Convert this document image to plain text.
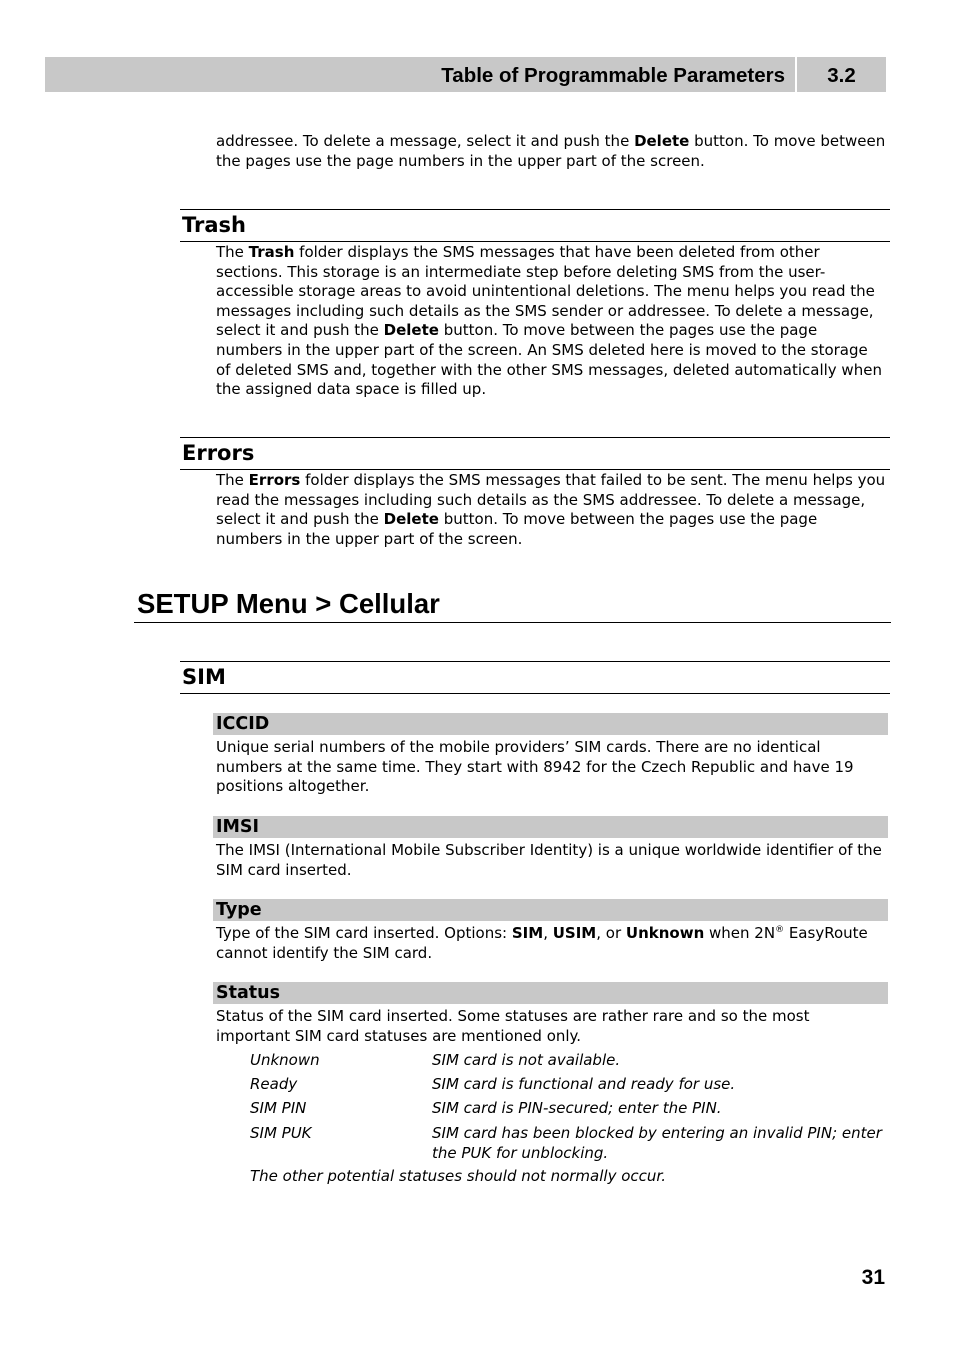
Table of Programmable Parameters	3.2

addressee. To delete a message, select it and push the Delete button. To move between the pages use the page numbers in the upper part of the screen.

Trash

The Trash folder displays the SMS messages that have been deleted from other sections. This storage is an intermediate step before deleting SMS from the user-accessible storage areas to avoid unintentional deletions. The menu helps you read the messages including such details as the SMS sender or addressee. To delete a message, select it and push the Delete button. To move between the pages use the page numbers in the upper part of the screen. An SMS deleted here is moved to the storage of deleted SMS and, together with the other SMS messages, deleted automatically when the assigned data space is filled up.

Errors

The Errors folder displays the SMS messages that failed to be sent. The menu helps you read the messages including such details as the SMS addressee. To delete a message, select it and push the Delete button. To move between the pages use the page numbers in the upper part of the screen.

SETUP Menu > Cellular
SIM
ICCID

Unique serial numbers of the mobile providers’ SIM cards. There are no identical numbers at the same time. They start with 8942 for the Czech Republic and have 19 positions altogether.

IMSI

The IMSI (International Mobile Subscriber Identity) is a unique worldwide identifier of the SIM card inserted.

Type

Type of the SIM card inserted. Options: SIM, USIM, or Unknown when 2N® EasyRoute cannot identify the SIM card.

Status

Status of the SIM card inserted. Some statuses are rather rare and so the most important SIM card statuses are mentioned only.

Unknown	SIM card is not available.

Ready	SIM card is functional and ready for use.

SIM PIN	SIM card is PIN-secured; enter the PIN.

SIM PUK	SIM card has been blocked by entering an invalid PIN; enter the PUK for unblocking.

The other potential statuses should not normally occur.

31
